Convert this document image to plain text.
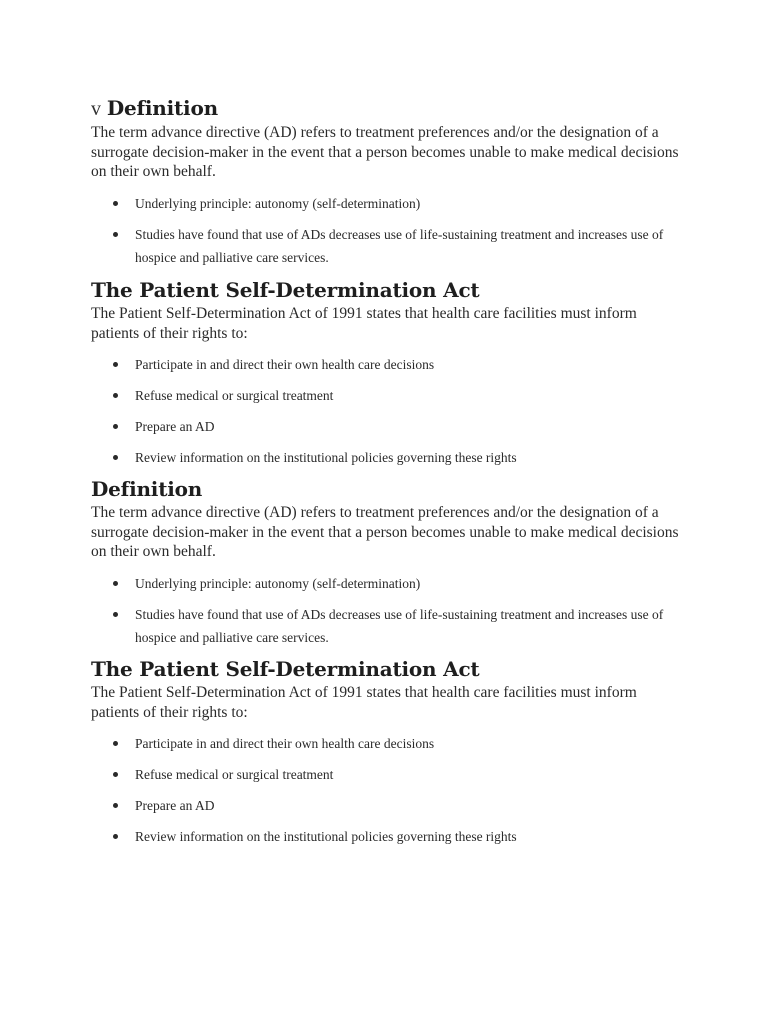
v Definition

The term advance directive (AD) refers to treatment preferences and/or the designation of a surrogate decision-maker in the event that a person becomes unable to make medical decisions on their own behalf.

Underlying principle: autonomy (self-determination)
Studies have found that use of ADs decreases use of life-sustaining treatment and increases use of hospice and palliative care services.
The Patient Self-Determination Act

The Patient Self-Determination Act of 1991 states that health care facilities must inform patients of their rights to:

Participate in and direct their own health care decisions
Refuse medical or surgical treatment
Prepare an AD
Review information on the institutional policies governing these rights
Definition

The term advance directive (AD) refers to treatment preferences and/or the designation of a surrogate decision-maker in the event that a person becomes unable to make medical decisions on their own behalf.

Underlying principle: autonomy (self-determination)
Studies have found that use of ADs decreases use of life-sustaining treatment and increases use of hospice and palliative care services.
The Patient Self-Determination Act

The Patient Self-Determination Act of 1991 states that health care facilities must inform patients of their rights to:

Participate in and direct their own health care decisions
Refuse medical or surgical treatment
Prepare an AD
Review information on the institutional policies governing these rights
